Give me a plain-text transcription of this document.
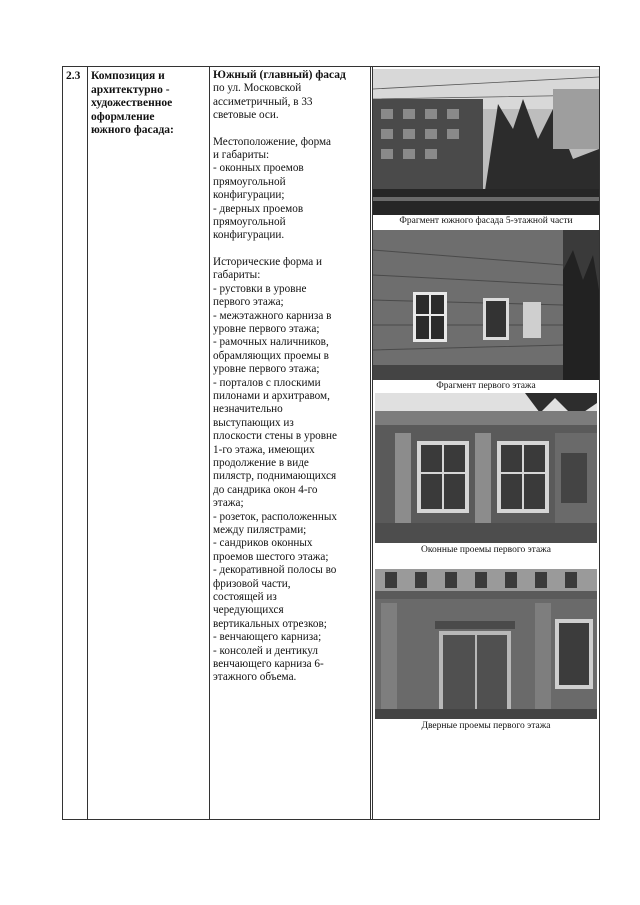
2.3 Композиция и
архитектурно -
художественное
оформление
южного фасада:

Южный (главный) фасад

по ул. Московской

ассиметричный, в 33

световые оси.

Местоположение, форма

и габариты:

- оконных проемов

прямоугольной

конфигурации;

- дверных проемов

прямоугольной

конфигурации.

Исторические форма и

габариты:

- рустовки в уровне

первого этажа;

- межэтажного карниза в

уровне первого этажа;

- рамочных наличников,

обрамляющих проемы в

уровне первого этажа;

- порталов с плоскими

пилонами и архитравом,

незначительно

выступающих из

плоскости стены в уровне

1-го этажа, имеющих

продолжение в виде

пилястр, поднимающихся

до сандрика окон 4-го

этажа;

- розеток, расположенных

между пилястрами;

- сандриков оконных

проемов шестого этажа;

- декоративной полосы во

фризовой части,

состоящей из

чередующихся

вертикальных отрезков;

- венчающего карниза;

- консолей и дентикул

венчающего карниза 6-

этажного объема.

Фрагмент южного фасада 5-этажной части
Фрагмент первого этажа
Оконные проемы первого этажа
Дверные проемы первого этажа
